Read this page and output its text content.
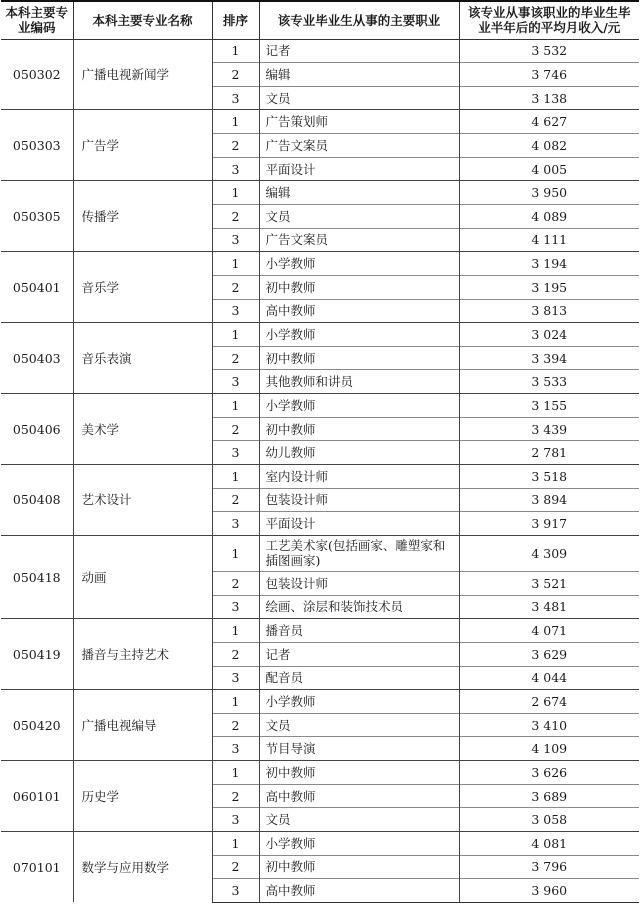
本科主要专业编码	本科主要专业名称	排序	该专业毕业生从事的主要职业	该专业从事该职业的毕业生毕业半年后的平均月收入/元
050302	广播电视新闻学	1	记者	3 532
		2	编辑	3 746
		3	文员	3 138
050303	广告学	1	广告策划师	4 627
		2	广告文案员	4 082
		3	平面设计	4 005
050305	传播学	1	编辑	3 950
		2	文员	4 089
		3	广告文案员	4 111
050401	音乐学	1	小学教师	3 194
		2	初中教师	3 195
		3	高中教师	3 813
050403	音乐表演	1	小学教师	3 024
		2	初中教师	3 394
		3	其他教师和讲员	3 533
050406	美术学	1	小学教师	3 155
		2	初中教师	3 439
		3	幼儿教师	2 781
050408	艺术设计	1	室内设计师	3 518
		2	包装设计师	3 894
		3	平面设计	3 917
050418	动画	1	工艺美术家(包括画家、雕塑家和插图画家)	4 309
		2	包装设计师	3 521
		3	绘画、涂层和装饰技术员	3 481
050419	播音与主持艺术	1	播音员	4 071
		2	记者	3 629
		3	配音员	4 044
050420	广播电视编导	1	小学教师	2 674
		2	文员	3 410
		3	节目导演	4 109
060101	历史学	1	初中教师	3 626
		2	高中教师	3 689
		3	文员	3 058
070101	数学与应用数学	1	小学教师	4 081
		2	初中教师	3 796
		3	高中教师	3 960
